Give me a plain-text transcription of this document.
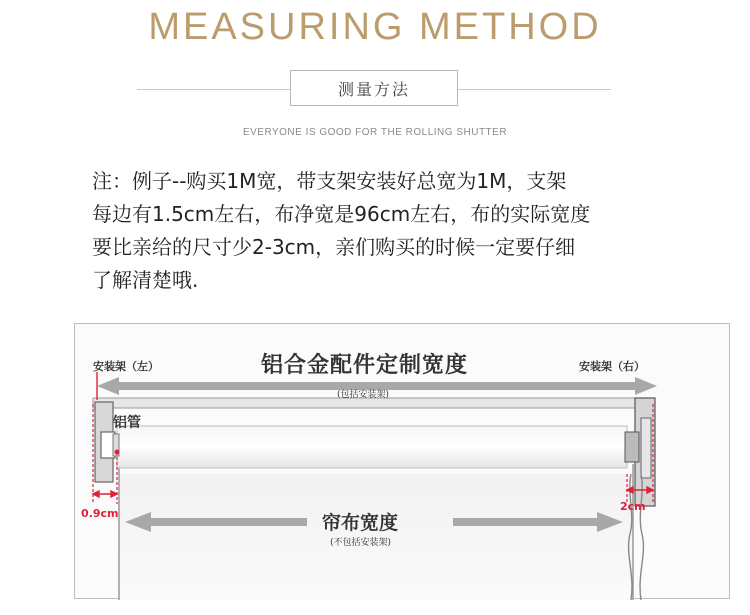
MEASURING METHOD
测量方法
EVERYONE IS GOOD FOR THE ROLLING SHUTTER

注：例子--购买1M宽，带支架安装好总宽为1M，支架

每边有1.5cm左右，布净宽是96cm左右，布的实际宽度

要比亲给的尺寸少2-3cm，亲们购买的时候一定要仔细

了解清楚哦.

安装架（左）	安装架（右）
铝合金配件定制宽度
(包括安装架)
铝管
帘布宽度
(不包括安装架)
0.9cm
2cm
